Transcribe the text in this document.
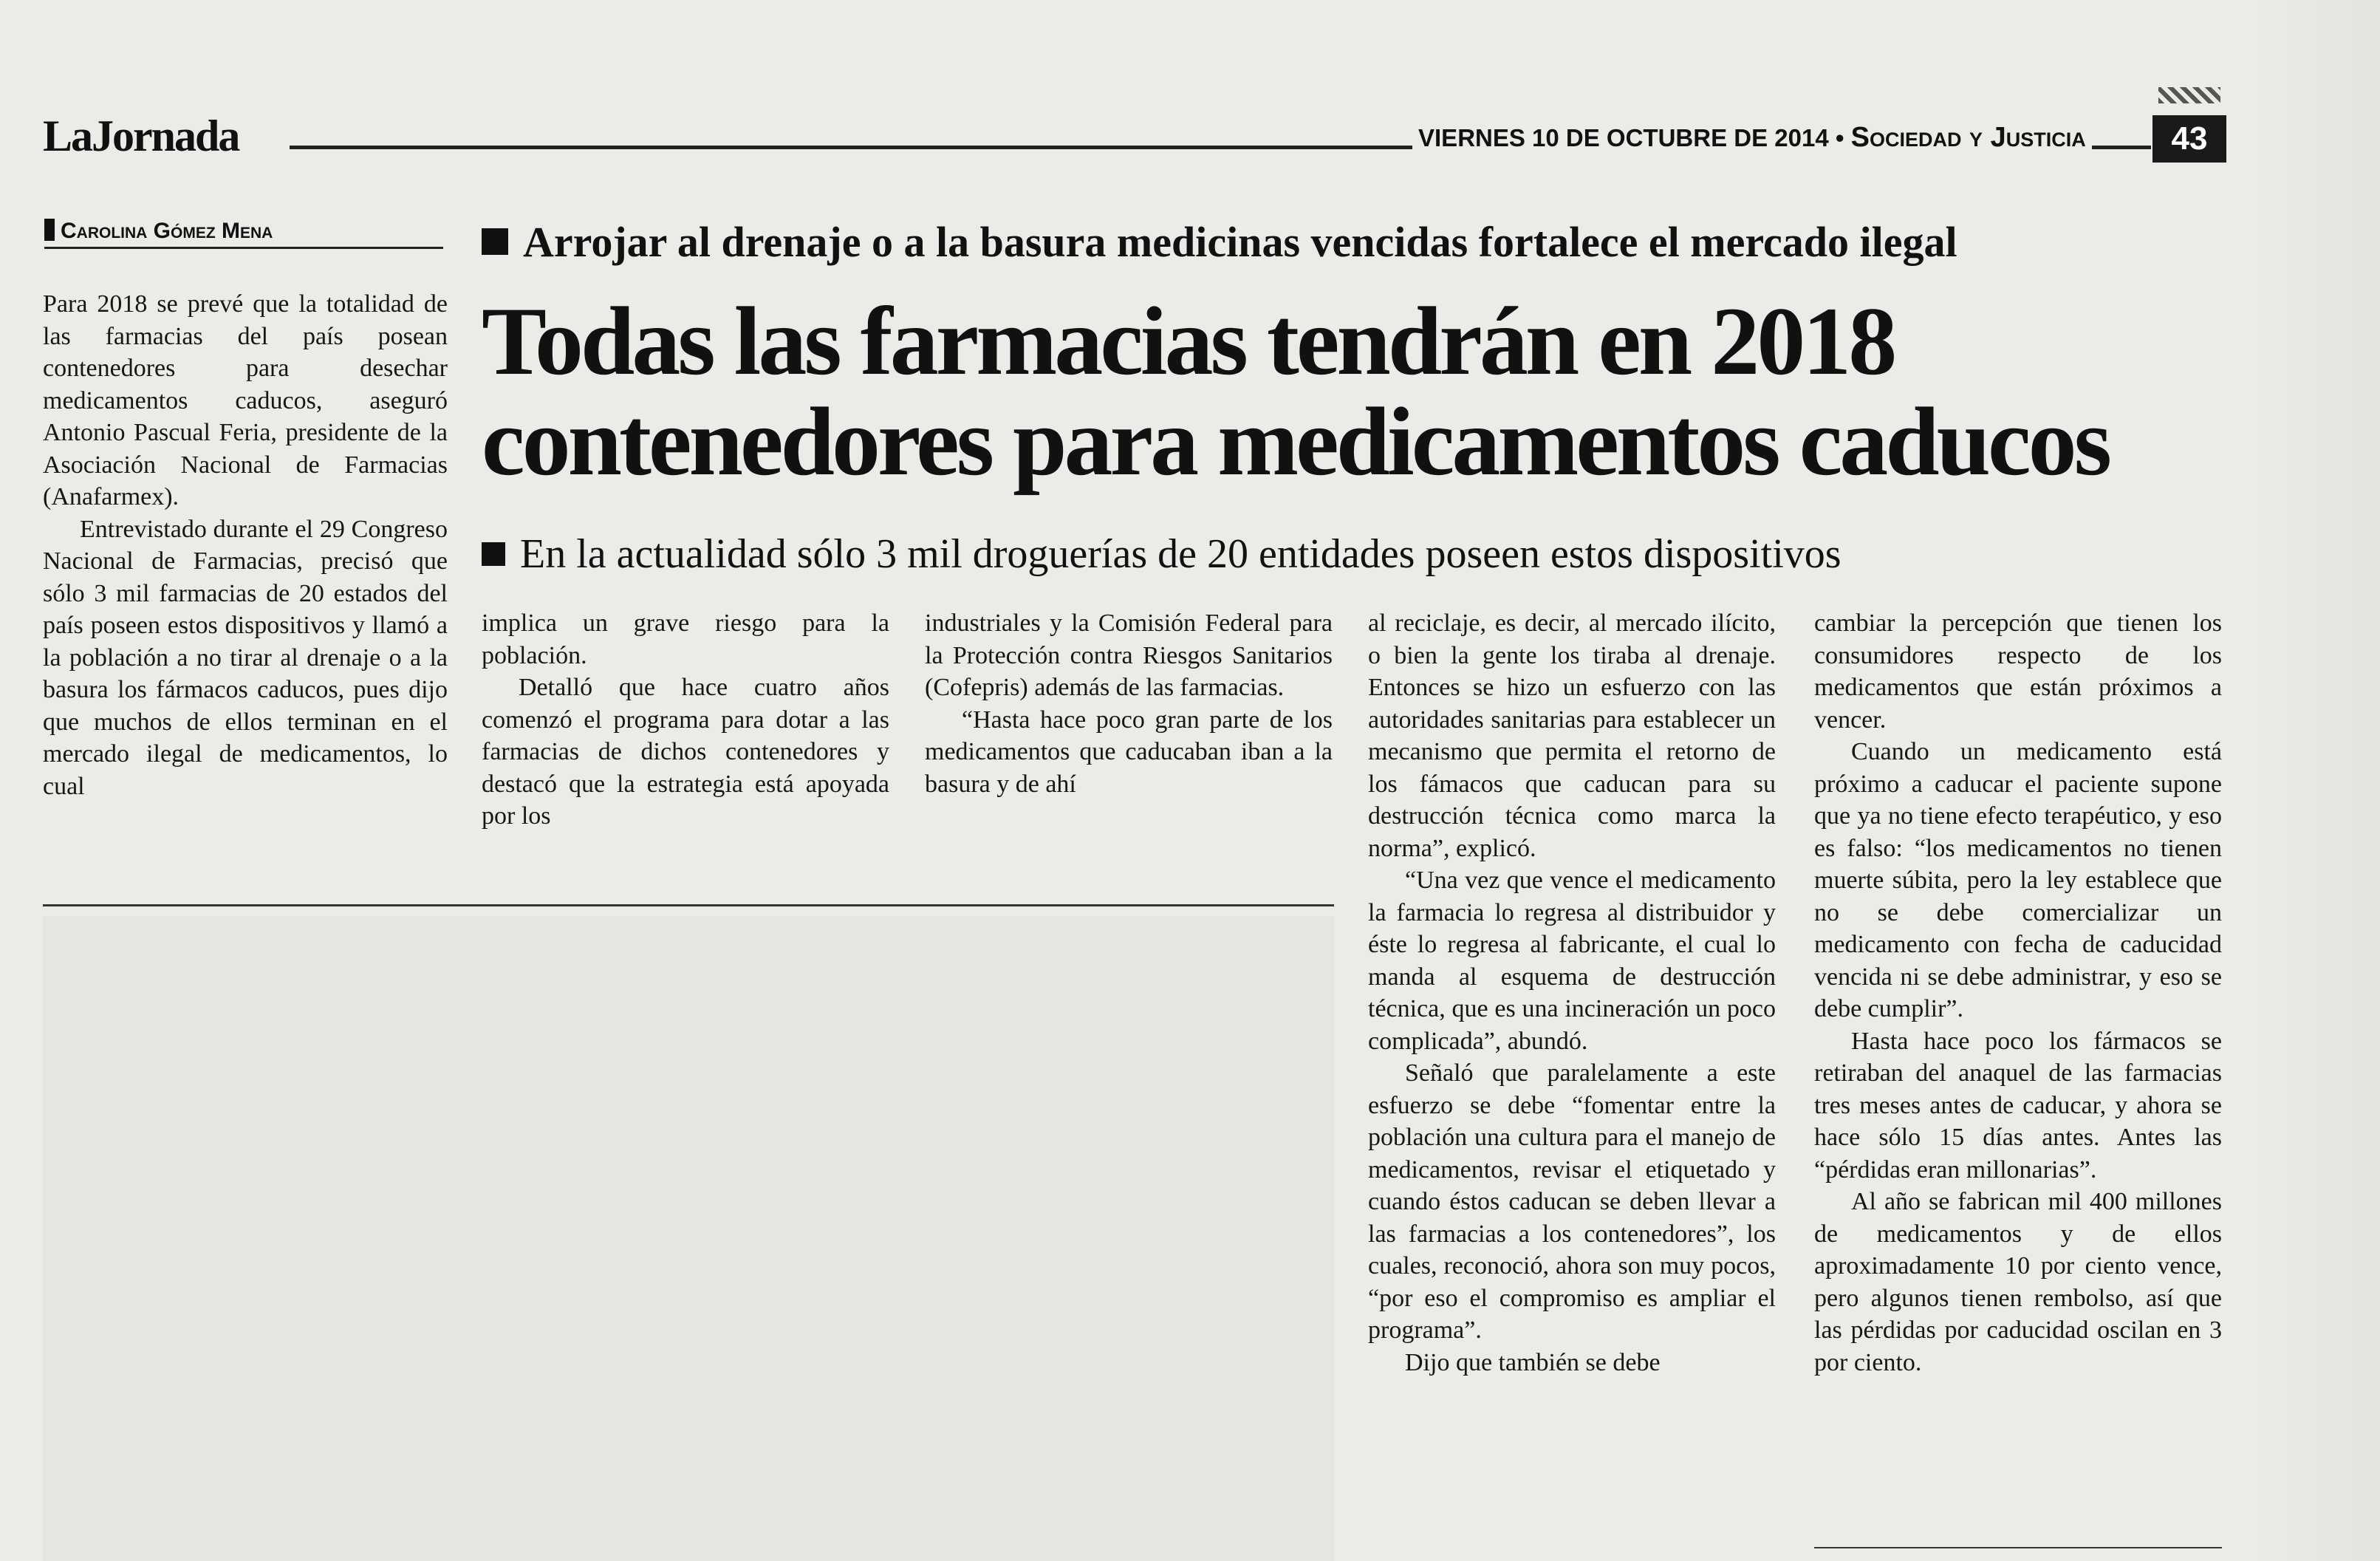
LaJornada	VIERNES 10 DE OCTUBRE DE 2014 • Sociedad y Justicia	43
Carolina Gómez Mena	Arrojar al drenaje o a la basura medicinas vencidas fortalece el mercado ilegal
Todas las farmacias tendrán en 2018
contenedores para medicamentos caducos
En la actualidad sólo 3 mil droguerías de 20 entidades poseen estos dispositivos

Para 2018 se prevé que la totalidad de las farmacias del país posean contenedores para desechar medicamentos caducos, aseguró Antonio Pascual Feria, presidente de la Asociación Nacional de Farmacias (Anafarmex).

Entrevistado durante el 29 Congreso Nacional de Farmacias, precisó que sólo 3 mil farmacias de 20 estados del país poseen estos dispositivos y llamó a la población a no tirar al drenaje o a la basura los fármacos caducos, pues dijo que muchos de ellos terminan en el mercado ilegal de medicamentos, lo cual

implica un grave riesgo para la población.

Detalló que hace cuatro años comenzó el programa para dotar a las farmacias de dichos contenedores y destacó que la estrategia está apoyada por los

industriales y la Comisión Federal para la Protección contra Riesgos Sanitarios (Cofepris) además de las farmacias.

“Hasta hace poco gran parte de los medicamentos que caducaban iban a la basura y de ahí

al reciclaje, es decir, al mercado ilícito, o bien la gente los tiraba al drenaje. Entonces se hizo un esfuerzo con las autoridades sanitarias para establecer un mecanismo que permita el retorno de los fámacos que caducan para su destrucción técnica como marca la norma”, explicó.

“Una vez que vence el medicamento la farmacia lo regresa al distribuidor y éste lo regresa al fabricante, el cual lo manda al esquema de destrucción técnica, que es una incineración un poco complicada”, abundó.

Señaló que paralelamente a este esfuerzo se debe “fomentar entre la población una cultura para el manejo de medicamentos, revisar el etiquetado y cuando éstos caducan se deben llevar a las farmacias a los contenedores”, los cuales, reconoció, ahora son muy pocos, “por eso el compromiso es ampliar el programa”.

Dijo que también se debe

cambiar la percepción que tienen los consumidores respecto de los medicamentos que están próximos a vencer.

Cuando un medicamento está próximo a caducar el paciente supone que ya no tiene efecto terapéutico, y eso es falso: “los medicamentos no tienen muerte súbita, pero la ley establece que no se debe comercializar un medicamento con fecha de caducidad vencida ni se debe administrar, y eso se debe cumplir”.

Hasta hace poco los fármacos se retiraban del anaquel de las farmacias tres meses antes de caducar, y ahora se hace sólo 15 días antes. Antes las “pérdidas eran millonarias”.

Al año se fabrican mil 400 millones de medicamentos y de ellos aproximadamente 10 por ciento vence, pero algunos tienen rembolso, así que las pérdidas por caducidad oscilan en 3 por ciento.
